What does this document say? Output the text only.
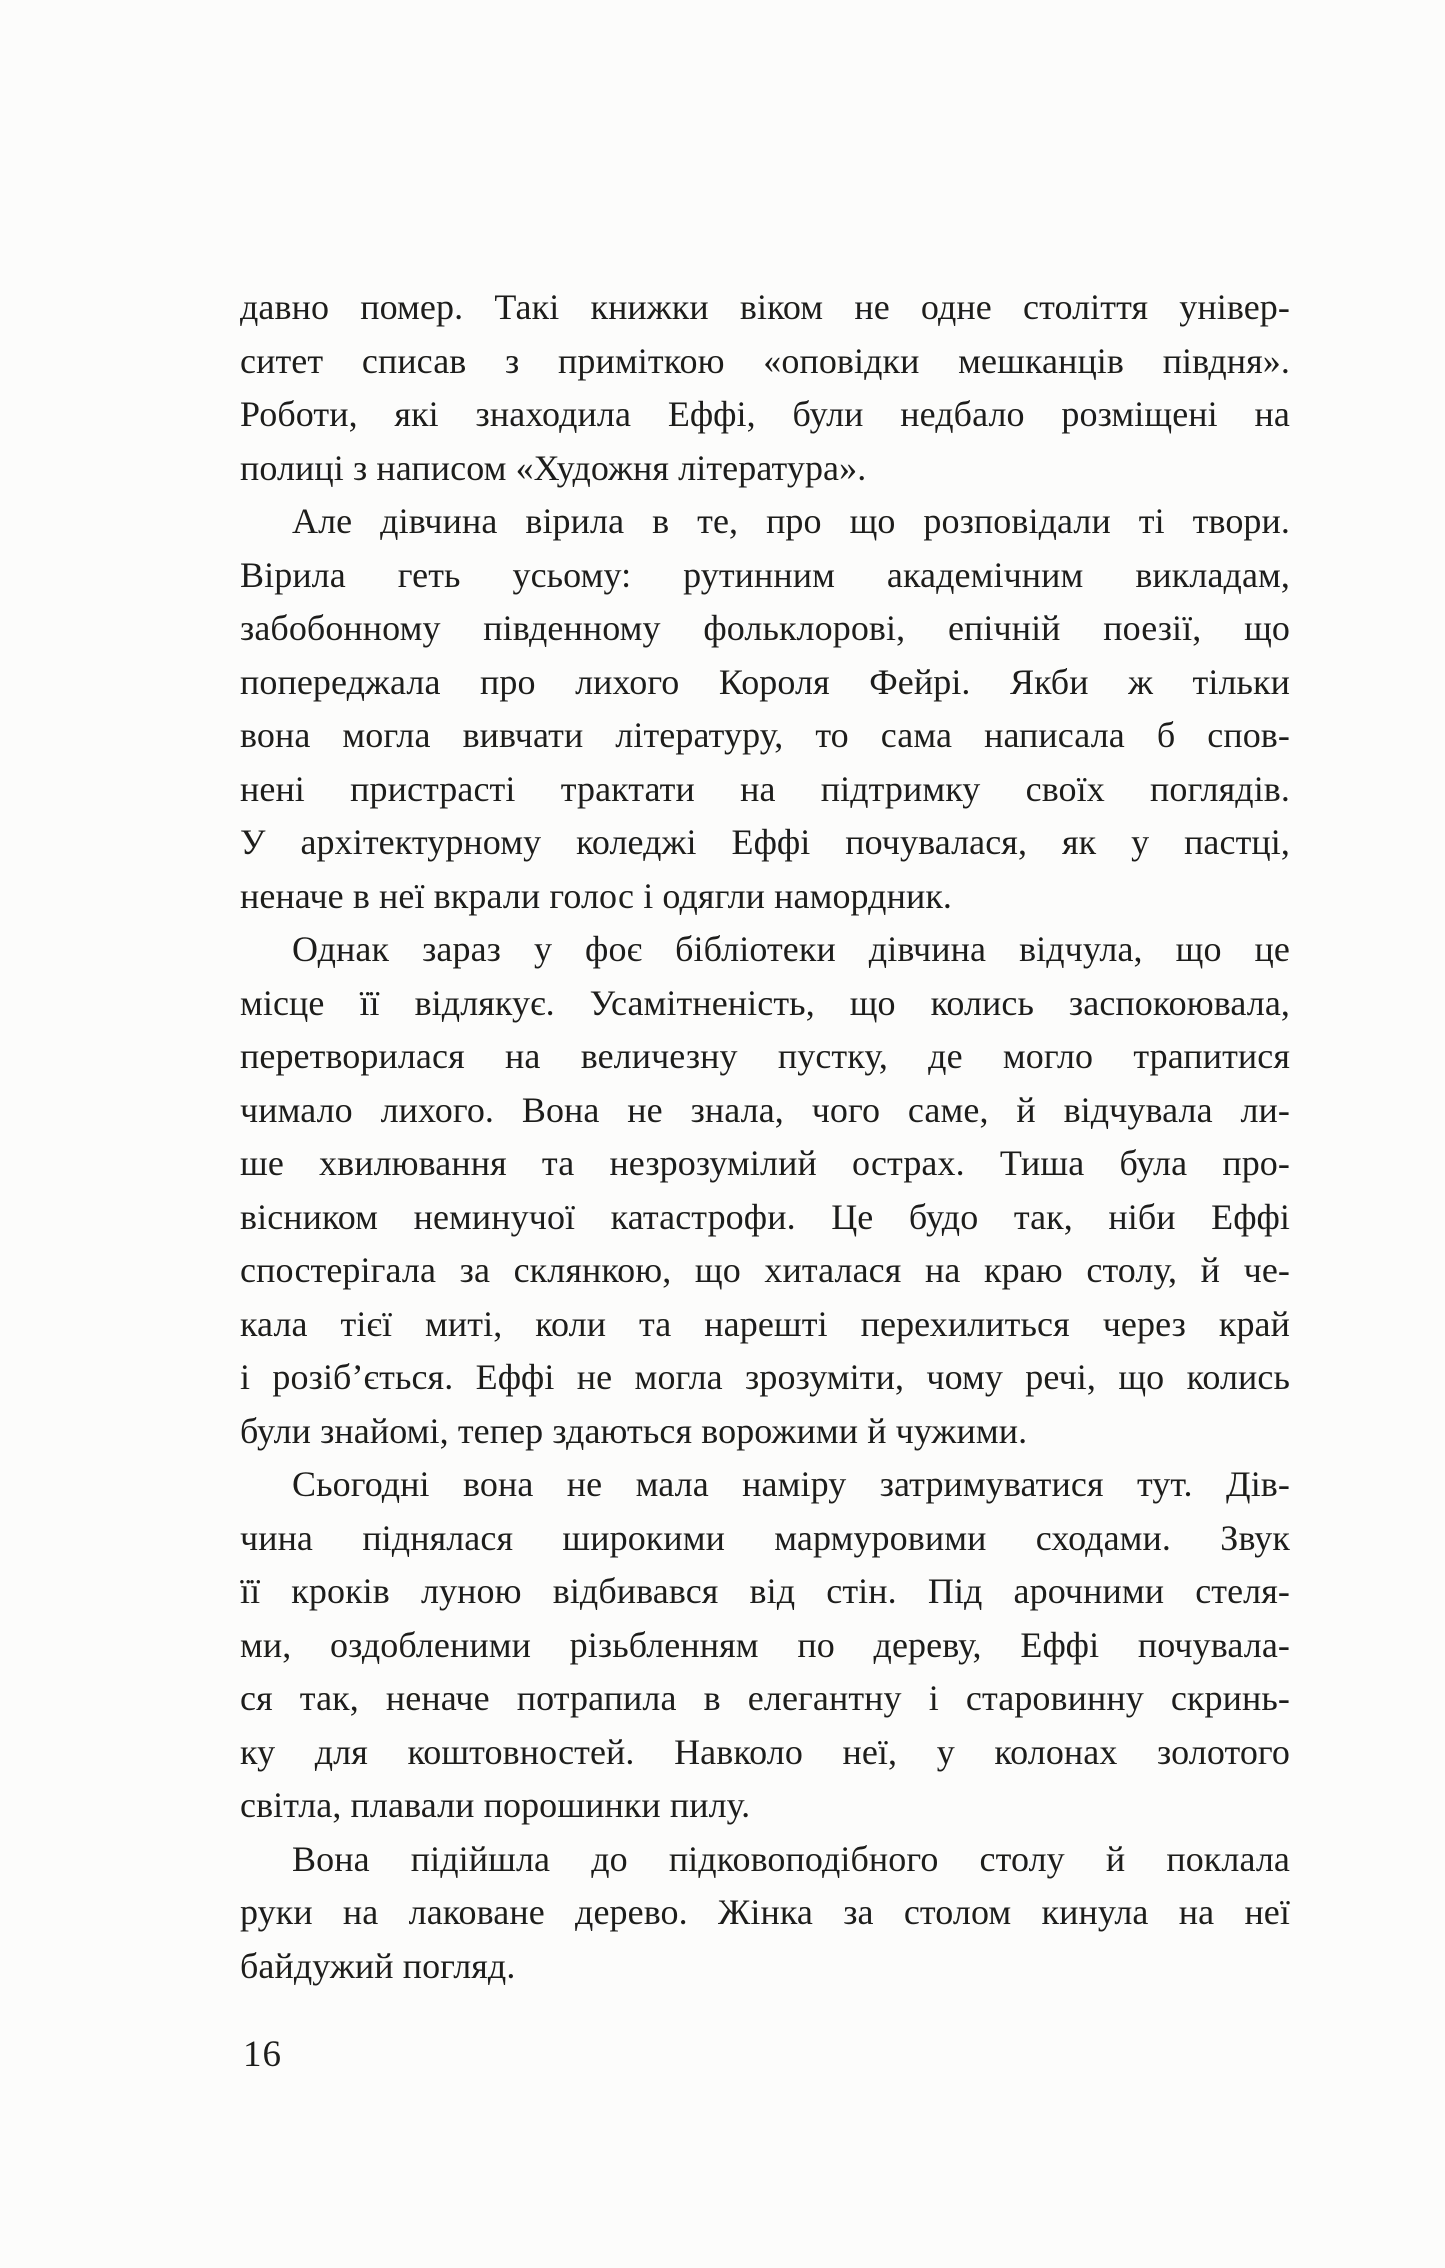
давно помер. Такі книжки віком не одне століття універ-
ситет списав з приміткою «оповідки мешканців півдня».
Роботи, які знаходила Еффі, були недбало розміщені на
полиці з написом «Художня література».
Але дівчина вірила в те, про що розповідали ті твори.
Вірила геть усьому: рутинним академічним викладам,
забобонному південному фольклорові, епічній поезії, що
попереджала про лихого Короля Фейрі. Якби ж тільки
вона могла вивчати літературу, то сама написала б спов-
нені пристрасті трактати на підтримку своїх поглядів.
У архітектурному коледжі Еффі почувалася, як у пастці,
неначе в неї вкрали голос і одягли намордник.
Однак зараз у фоє бібліотеки дівчина відчула, що це
місце її відлякує. Усамітненість, що колись заспокоювала,
перетворилася на величезну пустку, де могло трапитися
чимало лихого. Вона не знала, чого саме, й відчувала ли-
ше хвилювання та незрозумілий острах. Тиша була про-
вісником неминучої катастрофи. Це будо так, ніби Еффі
спостерігала за склянкою, що хиталася на краю столу, й че-
кала тієї миті, коли та нарешті перехилиться через край
і розіб’ється. Еффі не могла зрозуміти, чому речі, що колись
були знайомі, тепер здаються ворожими й чужими.
Сьогодні вона не мала наміру затримуватися тут. Дів-
чина піднялася широкими мармуровими сходами. Звук
її кроків луною відбивався від стін. Під арочними стеля-
ми, оздобленими різьбленням по дереву, Еффі почувала-
ся так, неначе потрапила в елегантну і старовинну скринь-
ку для коштовностей. Навколо неї, у колонах золотого
світла, плавали порошинки пилу.
Вона підійшла до підковоподібного столу й поклала
руки на лаковане дерево. Жінка за столом кинула на неї
байдужий погляд.
16
